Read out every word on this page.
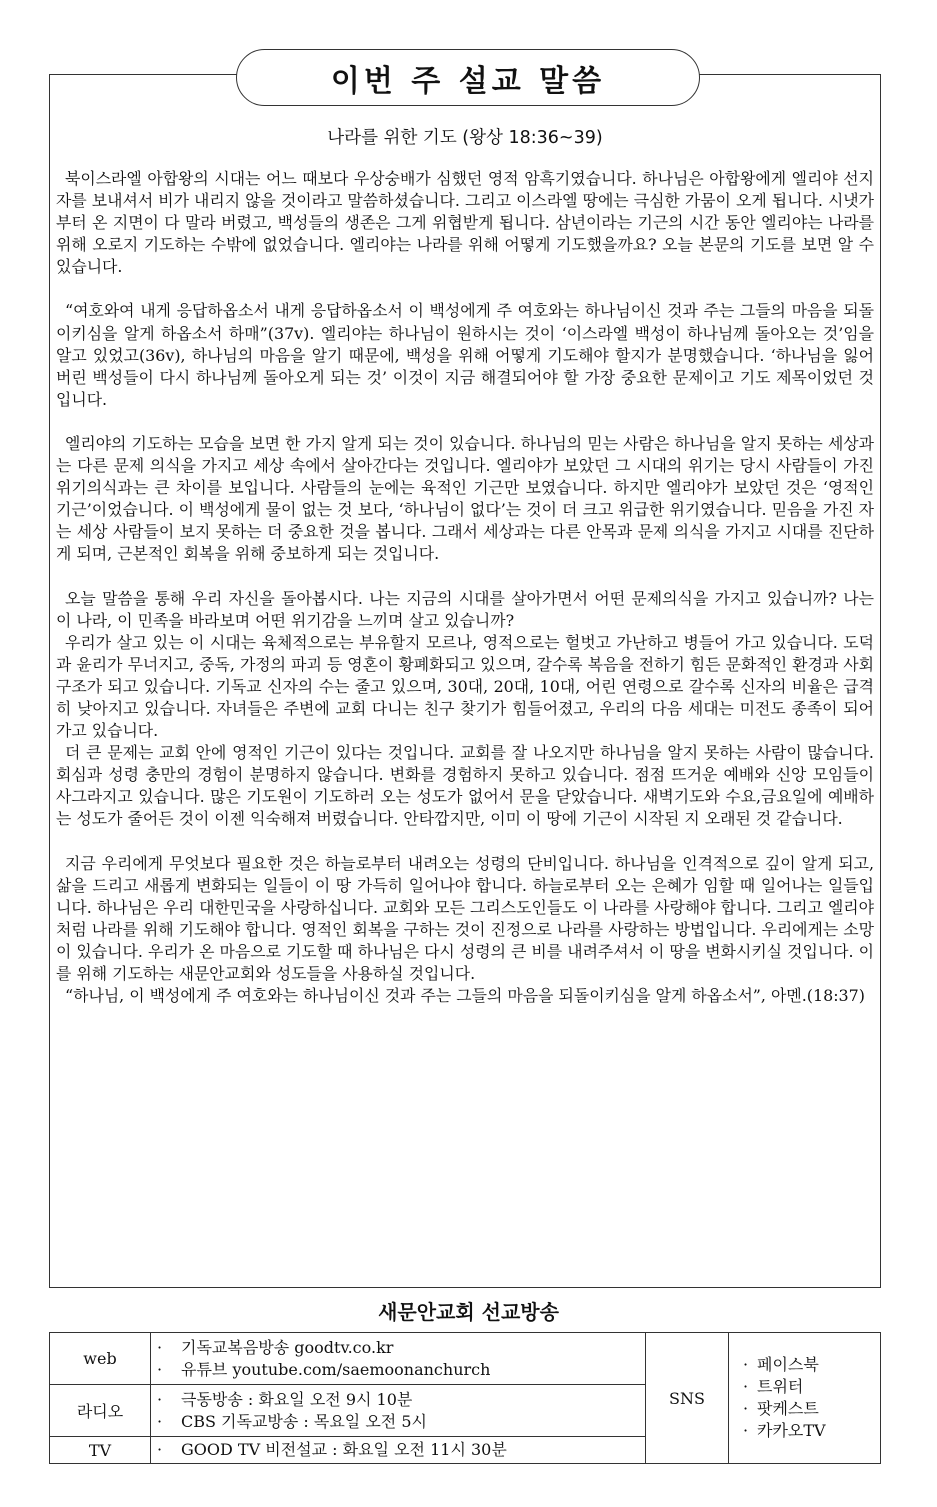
이번 주 설교 말씀
나라를 위한 기도 (왕상 18:36~39)

북이스라엘 아합왕의 시대는 어느 때보다 우상숭배가 심했던 영적 암흑기였습니다. 하나님은 아합왕에게 엘리야 선지자를 보내셔서 비가 내리지 않을 것이라고 말씀하셨습니다. 그리고 이스라엘 땅에는 극심한 가뭄이 오게 됩니다. 시냇가부터 온 지면이 다 말라 버렸고, 백성들의 생존은 그게 위협받게 됩니다. 삼년이라는 기근의 시간 동안 엘리야는 나라를 위해 오로지 기도하는 수밖에 없었습니다. 엘리야는 나라를 위해 어떻게 기도했을까요? 오늘 본문의 기도를 보면 알 수 있습니다.

“여호와여 내게 응답하옵소서 내게 응답하옵소서 이 백성에게 주 여호와는 하나님이신 것과 주는 그들의 마음을 되돌이키심을 알게 하옵소서 하매”(37v). 엘리야는 하나님이 원하시는 것이 ‘이스라엘 백성이 하나님께 돌아오는 것’임을 알고 있었고(36v), 하나님의 마음을 알기 때문에, 백성을 위해 어떻게 기도해야 할지가 분명했습니다. ‘하나님을 잃어버린 백성들이 다시 하나님께 돌아오게 되는 것’ 이것이 지금 해결되어야 할 가장 중요한 문제이고 기도 제목이었던 것입니다.

엘리야의 기도하는 모습을 보면 한 가지 알게 되는 것이 있습니다. 하나님의 믿는 사람은 하나님을 알지 못하는 세상과는 다른 문제 의식을 가지고 세상 속에서 살아간다는 것입니다. 엘리야가 보았던 그 시대의 위기는 당시 사람들이 가진 위기의식과는 큰 차이를 보입니다. 사람들의 눈에는 육적인 기근만 보였습니다. 하지만 엘리야가 보았던 것은 ‘영적인 기근’이었습니다. 이 백성에게 물이 없는 것 보다, ‘하나님이 없다’는 것이 더 크고 위급한 위기였습니다. 믿음을 가진 자는 세상 사람들이 보지 못하는 더 중요한 것을 봅니다. 그래서 세상과는 다른 안목과 문제 의식을 가지고 시대를 진단하게 되며, 근본적인 회복을 위해 중보하게 되는 것입니다.

오늘 말씀을 통해 우리 자신을 돌아봅시다. 나는 지금의 시대를 살아가면서 어떤 문제의식을 가지고 있습니까? 나는 이 나라, 이 민족을 바라보며 어떤 위기감을 느끼며 살고 있습니까?

우리가 살고 있는 이 시대는 육체적으로는 부유할지 모르나, 영적으로는 헐벗고 가난하고 병들어 가고 있습니다. 도덕과 윤리가 무너지고, 중독, 가정의 파괴 등 영혼이 황폐화되고 있으며, 갈수록 복음을 전하기 힘든 문화적인 환경과 사회구조가 되고 있습니다. 기독교 신자의 수는 줄고 있으며, 30대, 20대, 10대, 어린 연령으로 갈수록 신자의 비율은 급격히 낮아지고 있습니다. 자녀들은 주변에 교회 다니는 친구 찾기가 힘들어졌고, 우리의 다음 세대는 미전도 종족이 되어가고 있습니다.

더 큰 문제는 교회 안에 영적인 기근이 있다는 것입니다. 교회를 잘 나오지만 하나님을 알지 못하는 사람이 많습니다. 회심과 성령 충만의 경험이 분명하지 않습니다. 변화를 경험하지 못하고 있습니다. 점점 뜨거운 예배와 신앙 모임들이 사그라지고 있습니다. 많은 기도원이 기도하러 오는 성도가 없어서 문을 닫았습니다. 새벽기도와 수요,금요일에 예배하는 성도가 줄어든 것이 이젠 익숙해져 버렸습니다. 안타깝지만, 이미 이 땅에 기근이 시작된 지 오래된 것 같습니다.

지금 우리에게 무엇보다 필요한 것은 하늘로부터 내려오는 성령의 단비입니다. 하나님을 인격적으로 깊이 알게 되고, 삶을 드리고 새롭게 변화되는 일들이 이 땅 가득히 일어나야 합니다. 하늘로부터 오는 은혜가 임할 때 일어나는 일들입니다. 하나님은 우리 대한민국을 사랑하십니다. 교회와 모든 그리스도인들도 이 나라를 사랑해야 합니다. 그리고 엘리야처럼 나라를 위해 기도해야 합니다. 영적인 회복을 구하는 것이 진정으로 나라를 사랑하는 방법입니다. 우리에게는 소망이 있습니다. 우리가 온 마음으로 기도할 때 하나님은 다시 성령의 큰 비를 내려주셔서 이 땅을 변화시키실 것입니다. 이를 위해 기도하는 새문안교회와 성도들을 사용하실 것입니다.

“하나님, 이 백성에게 주 여호와는 하나님이신 것과 주는 그들의 마음을 되돌이키심을 알게 하옵소서”, 아멘.(18:37)

새문안교회 선교방송
web	· 기독교복음방송 goodtv.co.kr
· 유튜브 youtube.com/saemoonanchurch	SNS	· 페이스북
· 트위터
· 팟케스트
· 카카오TV

라디오	· 극동방송 : 화요일 오전 9시 10분
· CBS 기독교방송 : 목요일 오전 5시		

TV	· GOOD TV 비전설교 : 화요일 오전 11시 30분		
